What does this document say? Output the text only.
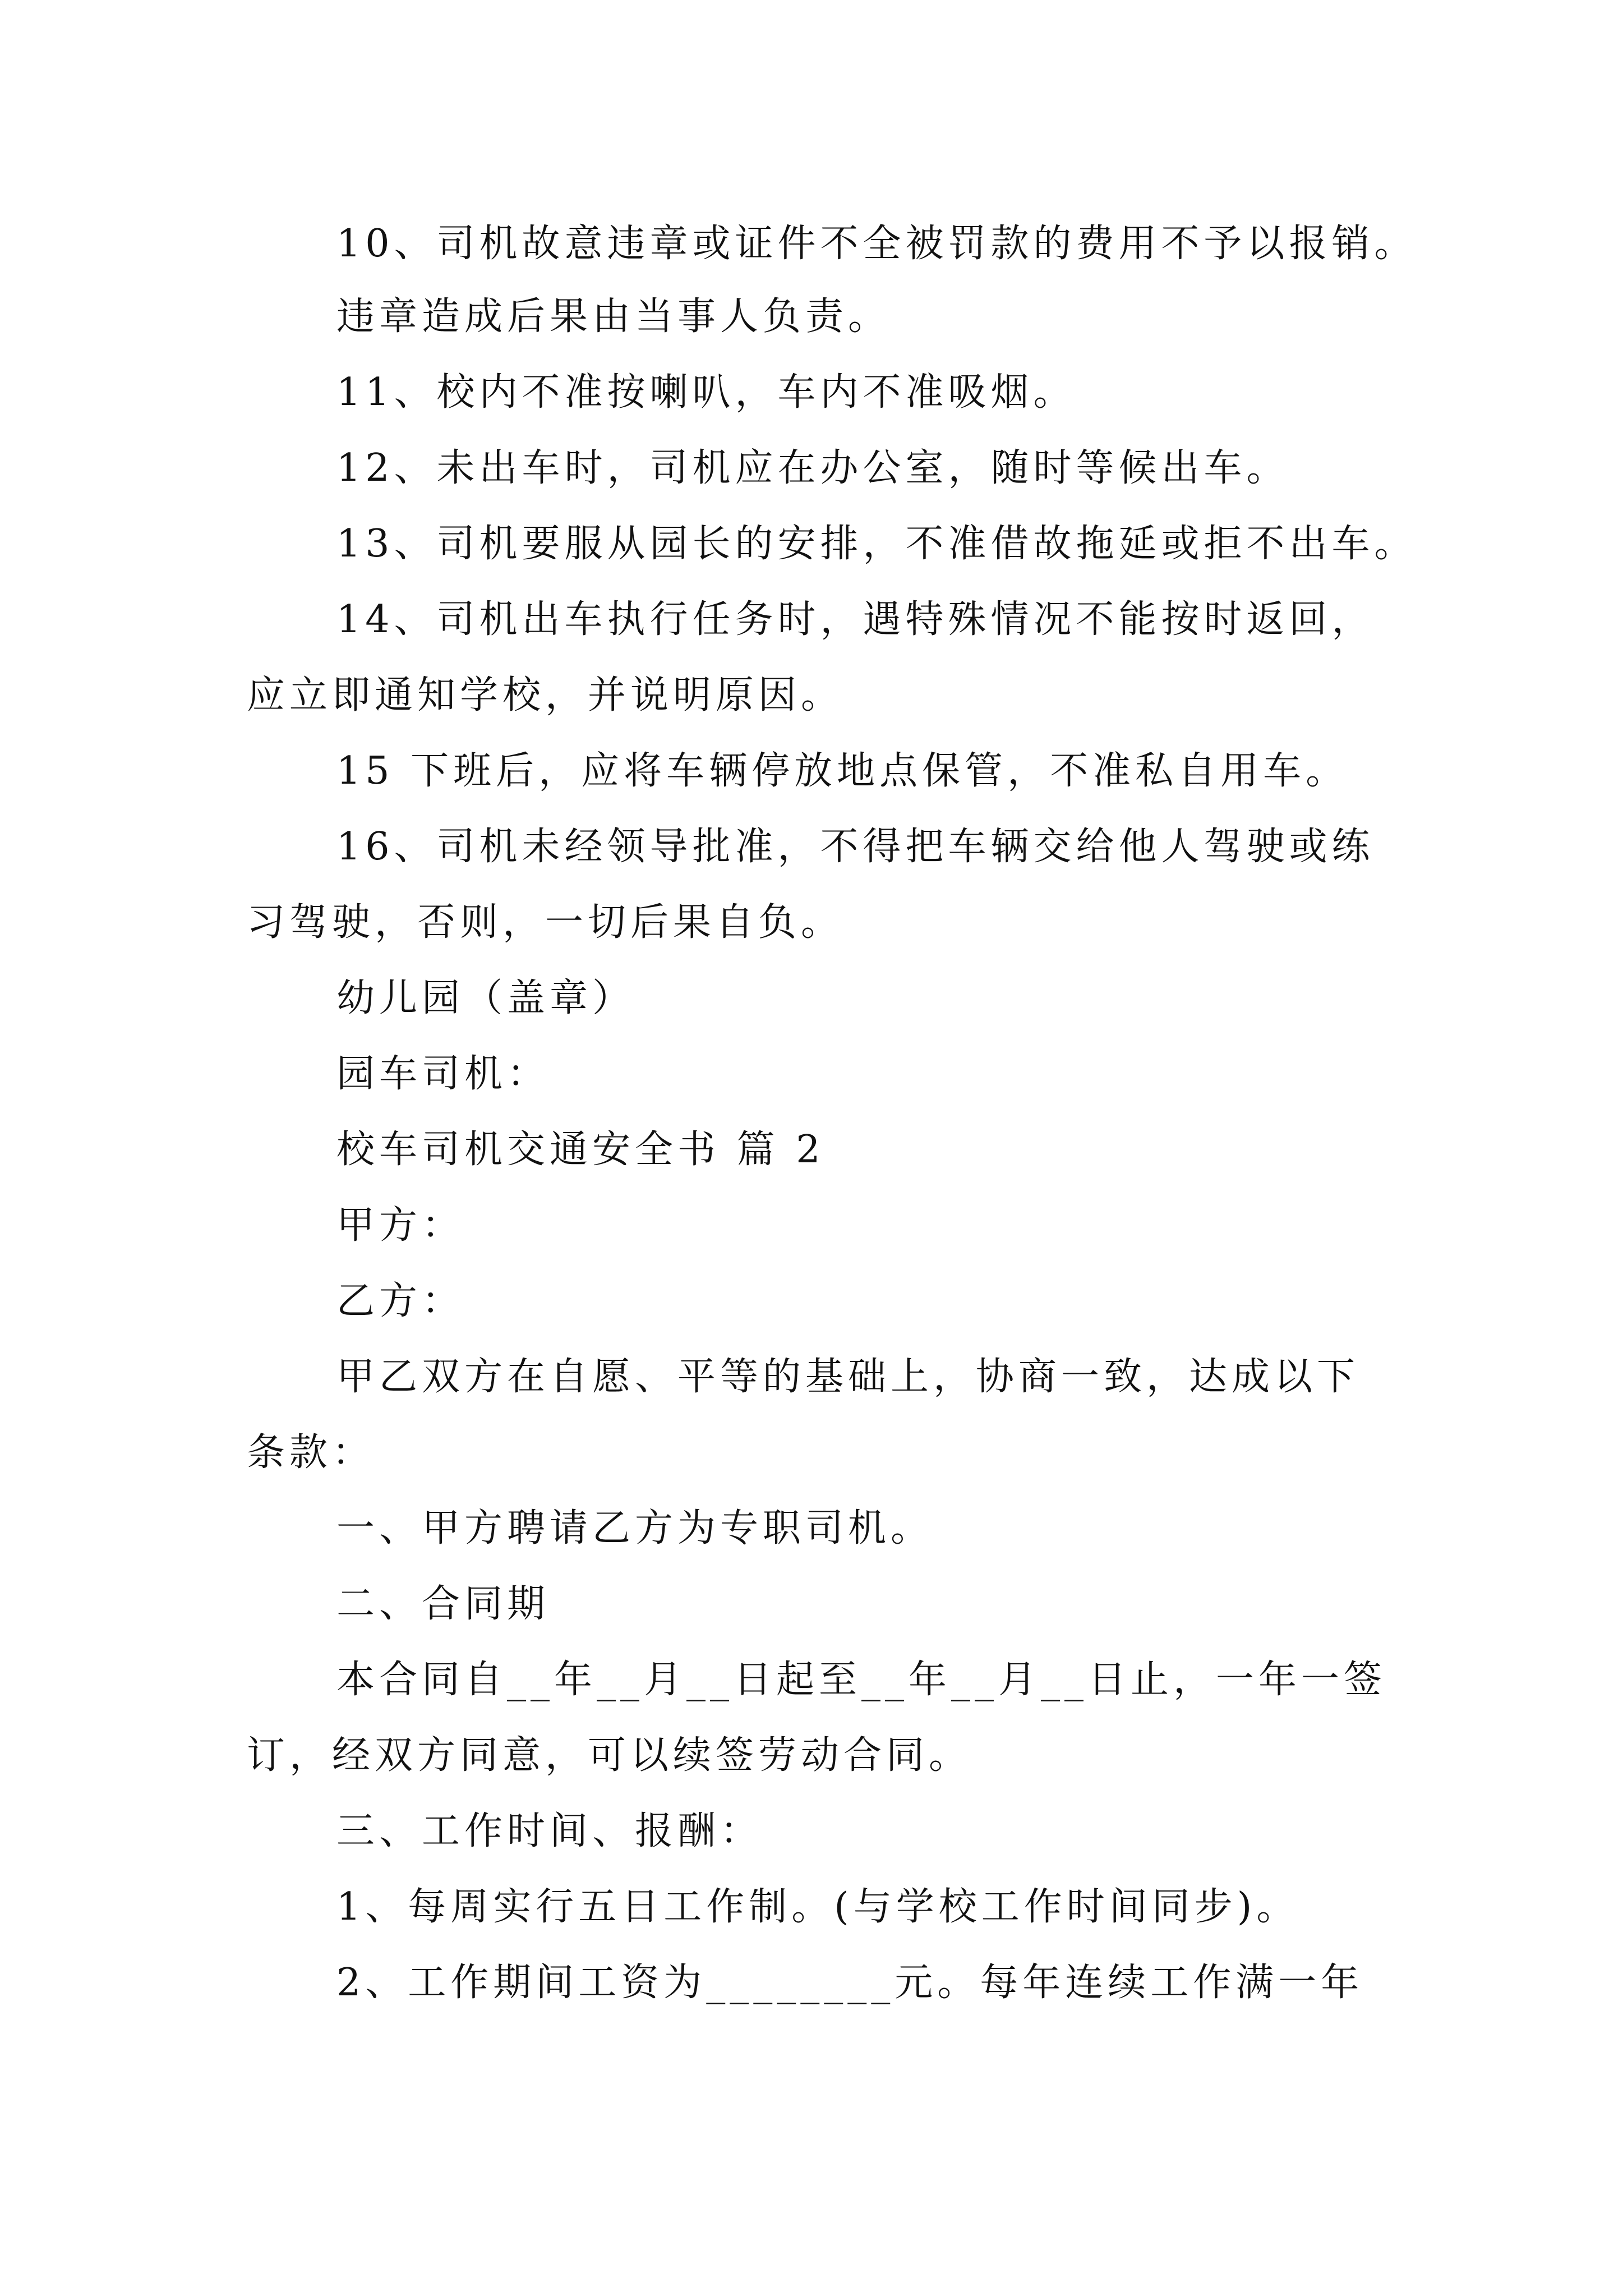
10、司机故意违章或证件不全被罚款的费用不予以报销。
违章造成后果由当事人负责。
11、校内不准按喇叭，车内不准吸烟。
12、未出车时，司机应在办公室，随时等候出车。
13、司机要服从园长的安排，不准借故拖延或拒不出车。
14、司机出车执行任务时，遇特殊情况不能按时返回，
应立即通知学校，并说明原因。
15 下班后，应将车辆停放地点保管，不准私自用车。
16、司机未经领导批准，不得把车辆交给他人驾驶或练
习驾驶，否则，一切后果自负。
幼儿园（盖章）
园车司机：
校车司机交通安全书 篇 2
甲方：
乙方：
甲乙双方在自愿、平等的基础上，协商一致，达成以下
条款：
一、甲方聘请乙方为专职司机。
二、合同期
本合同自__年__月__日起至__年__月__日止，一年一签
订，经双方同意，可以续签劳动合同。
三、工作时间、报酬：
1、每周实行五日工作制。(与学校工作时间同步)。
2、工作期间工资为________元。每年连续工作满一年
